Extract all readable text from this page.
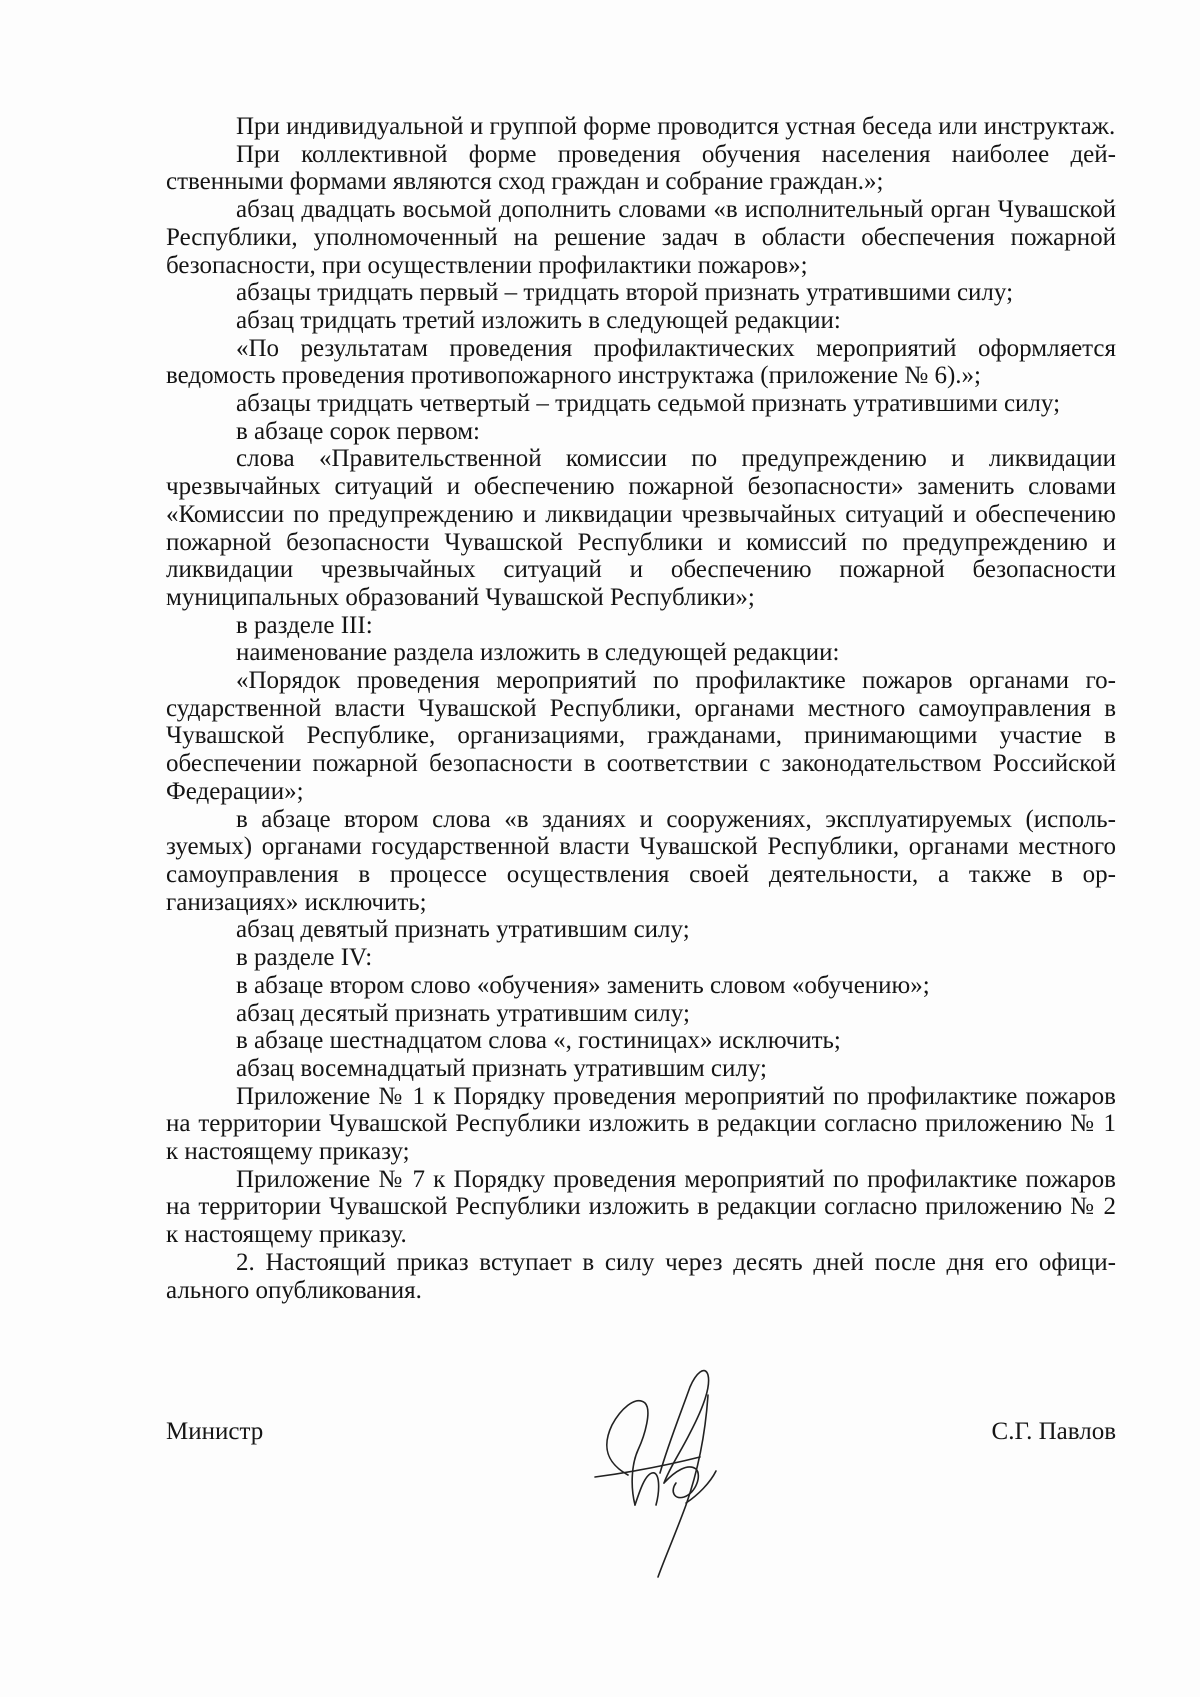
При индивидуальной и группой форме проводится устная беседа или инструктаж.

При коллективной форме проведения обучения населения наиболее действенными формами являются сход граждан и собрание граждан.»;

абзац двадцать восьмой дополнить словами «в исполнительный орган Чувашской Республики, уполномоченный на решение задач в области обеспечения пожарной безопасности, при осуществлении профилактики пожаров»;

абзацы тридцать первый – тридцать второй признать утратившими силу;

абзац тридцать третий изложить в следующей редакции:

«По результатам проведения профилактических мероприятий оформляется ведомость проведения противопожарного инструктажа (приложение № 6).»;

абзацы тридцать четвертый – тридцать седьмой признать утратившими силу;

в абзаце сорок первом:

слова «Правительственной комиссии по предупреждению и ликвидации чрезвычайных ситуаций и обеспечению пожарной безопасности» заменить словами «Комиссии по предупреждению и ликвидации чрезвычайных ситуаций и обеспечению пожарной безопасности Чувашской Республики и комиссий по предупреждению и ликвидации чрезвычайных ситуаций и обеспечению пожарной безопасности муниципальных образований Чувашской Республики»;

в разделе III:

наименование раздела изложить в следующей редакции:

«Порядок проведения мероприятий по профилактике пожаров органами государственной власти Чувашской Республики, органами местного самоуправления в Чувашской Республике, организациями, гражданами, принимающими участие в обеспечении пожарной безопасности в соответствии с законодательством Российской Федерации»;

в абзаце втором слова «в зданиях и сооружениях, эксплуатируемых (используемых) органами государственной власти Чувашской Республики, органами местного самоуправления в процессе осуществления своей деятельности, а также в организациях» исключить;

абзац девятый признать утратившим силу;

в разделе IV:

в абзаце втором слово «обучения» заменить словом «обучению»;

абзац десятый признать утратившим силу;

в абзаце шестнадцатом слова «, гостиницах» исключить;

абзац восемнадцатый признать утратившим силу;

Приложение № 1 к Порядку проведения мероприятий по профилактике пожаров на территории Чувашской Республики изложить в редакции согласно приложению № 1 к настоящему приказу;

Приложение № 7 к Порядку проведения мероприятий по профилактике пожаров на территории Чувашской Республики изложить в редакции согласно приложению № 2 к настоящему приказу.

2. Настоящий приказ вступает в силу через десять дней после дня его официального опубликования.

Министр	С.Г. Павлов
